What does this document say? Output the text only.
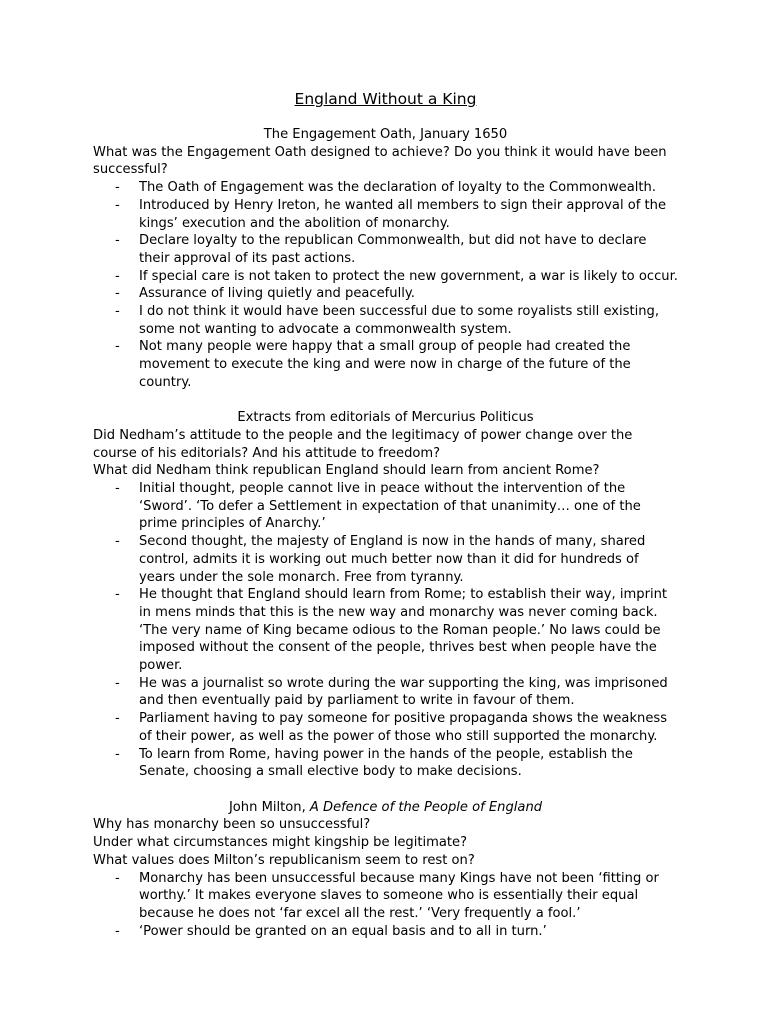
England Without a King
The Engagement Oath, January 1650
What was the Engagement Oath designed to achieve? Do you think it would have been successful?
- The Oath of Engagement was the declaration of loyalty to the Commonwealth.
- Introduced by Henry Ireton, he wanted all members to sign their approval of the kings’ execution and the abolition of monarchy.
- Declare loyalty to the republican Commonwealth, but did not have to declare their approval of its past actions.
- If special care is not taken to protect the new government, a war is likely to occur.
- Assurance of living quietly and peacefully.
- I do not think it would have been successful due to some royalists still existing, some not wanting to advocate a commonwealth system.
- Not many people were happy that a small group of people had created the movement to execute the king and were now in charge of the future of the country.
Extracts from editorials of Mercurius Politicus
Did Nedham’s attitude to the people and the legitimacy of power change over the course of his editorials? And his attitude to freedom?
What did Nedham think republican England should learn from ancient Rome?
- Initial thought, people cannot live in peace without the intervention of the ‘Sword’. ‘To defer a Settlement in expectation of that unanimity… one of the prime principles of Anarchy.’
- Second thought, the majesty of England is now in the hands of many, shared control, admits it is working out much better now than it did for hundreds of years under the sole monarch. Free from tyranny.
- He thought that England should learn from Rome; to establish their way, imprint in mens minds that this is the new way and monarchy was never coming back. ‘The very name of King became odious to the Roman people.’ No laws could be imposed without the consent of the people, thrives best when people have the power.
- He was a journalist so wrote during the war supporting the king, was imprisoned and then eventually paid by parliament to write in favour of them.
- Parliament having to pay someone for positive propaganda shows the weakness of their power, as well as the power of those who still supported the monarchy.
- To learn from Rome, having power in the hands of the people, establish the Senate, choosing a small elective body to make decisions.
John Milton, A Defence of the People of England
Why has monarchy been so unsuccessful?
Under what circumstances might kingship be legitimate?
What values does Milton’s republicanism seem to rest on?
- Monarchy has been unsuccessful because many Kings have not been ‘fitting or worthy.’ It makes everyone slaves to someone who is essentially their equal because he does not ‘far excel all the rest.’ ‘Very frequently a fool.’
- ‘Power should be granted on an equal basis and to all in turn.’
